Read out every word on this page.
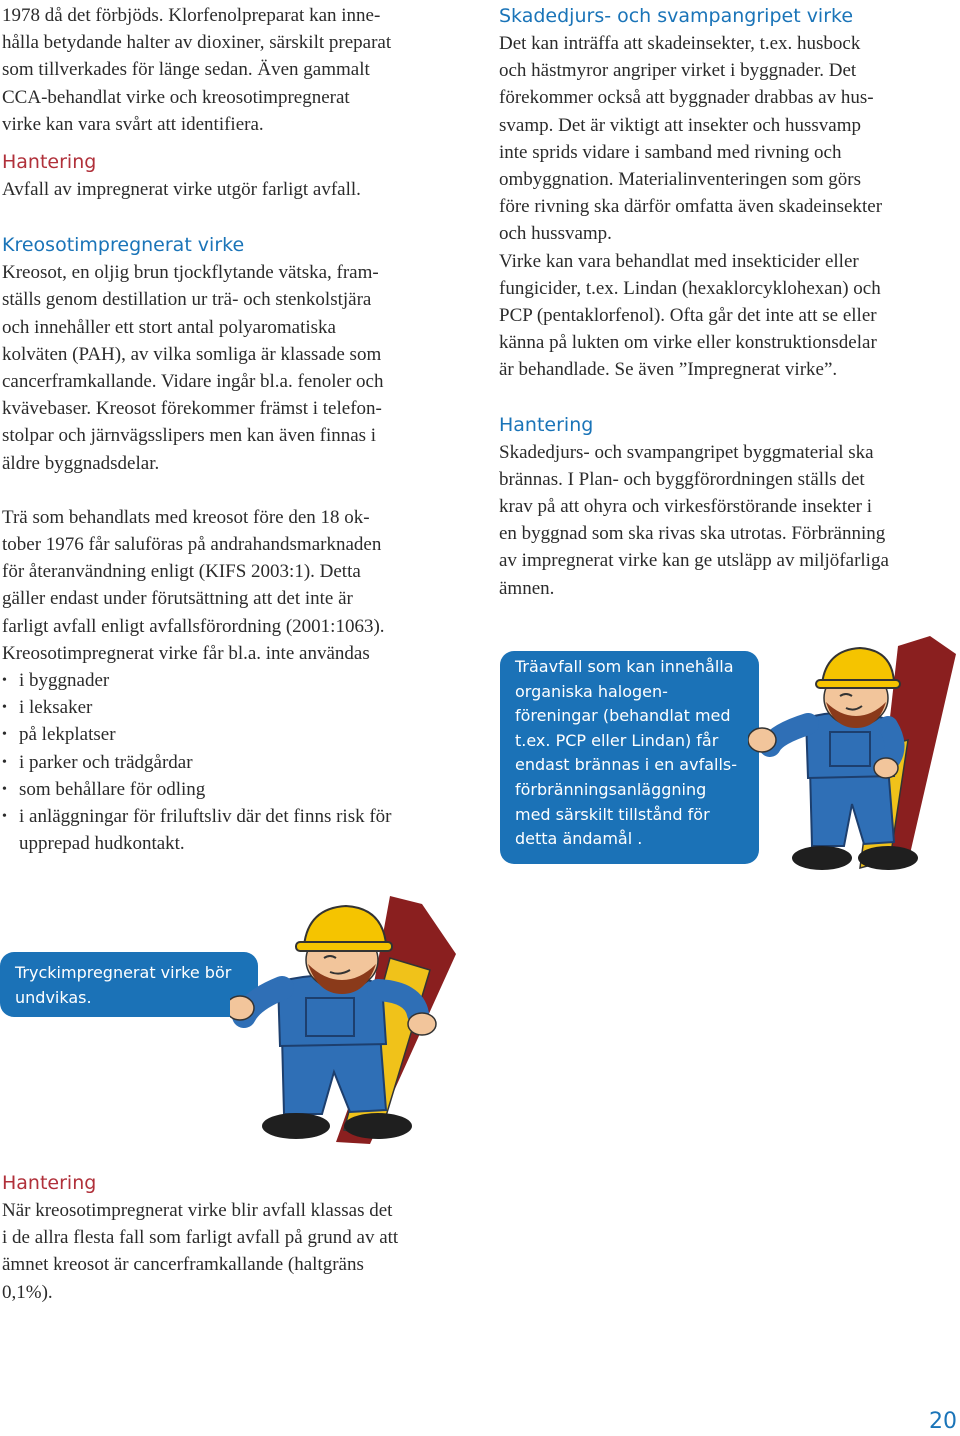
1978 då det förbjöds. Klorfenolpreparat kan inne-

hålla betydande halter av dioxiner, särskilt preparat

som tillverkades för länge sedan. Även gammalt

CCA-behandlat virke och kreosotimpregnerat

virke kan vara svårt att identifiera.

Hantering

Avfall av impregnerat virke utgör farligt avfall.

Kreosotimpregnerat virke

Kreosot, en oljig brun tjockflytande vätska, fram-

ställs genom destillation ur trä- och stenkolstjära

och innehåller ett stort antal polyaromatiska

kolväten (PAH), av vilka somliga är klassade som

cancerframkallande. Vidare ingår bl.a. fenoler och

kvävebaser. Kreosot förekommer främst i telefon-

stolpar och järnvägsslipers men kan även finnas i

äldre byggnadsdelar.

Trä som behandlats med kreosot före den 18 ok-

tober 1976 får saluföras på andrahandsmarknaden

för återanvändning enligt (KIFS 2003:1). Detta

gäller endast under förutsättning att det inte är

farligt avfall enligt avfallsförordning (2001:1063).

Kreosotimpregnerat virke får bl.a. inte användas

• i byggnader
• i leksaker
• på lekplatser
• i parker och trädgårdar
• som behållare för odling
• i anläggningar för friluftsliv där det finns risk för

upprepad hudkontakt.

Skadedjurs- och svampangripet virke

Det kan inträffa att skadeinsekter, t.ex. husbock

och hästmyror angriper virket i byggnader. Det

förekommer också att byggnader drabbas av hus-

svamp. Det är viktigt att insekter och hussvamp

inte sprids vidare i samband med rivning och

ombyggnation. Materialinventeringen som görs

före rivning ska därför omfatta även skadeinsekter

och hussvamp.

Virke kan vara behandlat med insekticider eller

fungicider, t.ex. Lindan (hexaklorcyklohexan) och

PCP (pentaklorfenol). Ofta går det inte att se eller

känna på lukten om virke eller konstruktionsdelar

är behandlade. Se även ”Impregnerat virke”.

Hantering

Skadedjurs- och svampangripet byggmaterial ska

brännas. I Plan- och byggförordningen ställs det

krav på att ohyra och virkesförstörande insekter i

en byggnad som ska rivas ska utrotas. Förbränning

av impregnerat virke kan ge utsläpp av miljöfarliga

ämnen.

Träavfall som kan innehålla
organiska halogen-
föreningar (behandlat med
t.ex. PCP eller Lindan) får
endast brännas i en avfalls-
förbränningsanläggning
med särskilt tillstånd för
detta ändamål .
Tryckimpregnerat virke bör
undvikas.
Hantering

När kreosotimpregnerat virke blir avfall klassas det

i de allra flesta fall som farligt avfall på grund av att

ämnet kreosot är cancerframkallande (haltgräns

0,1%).

20
